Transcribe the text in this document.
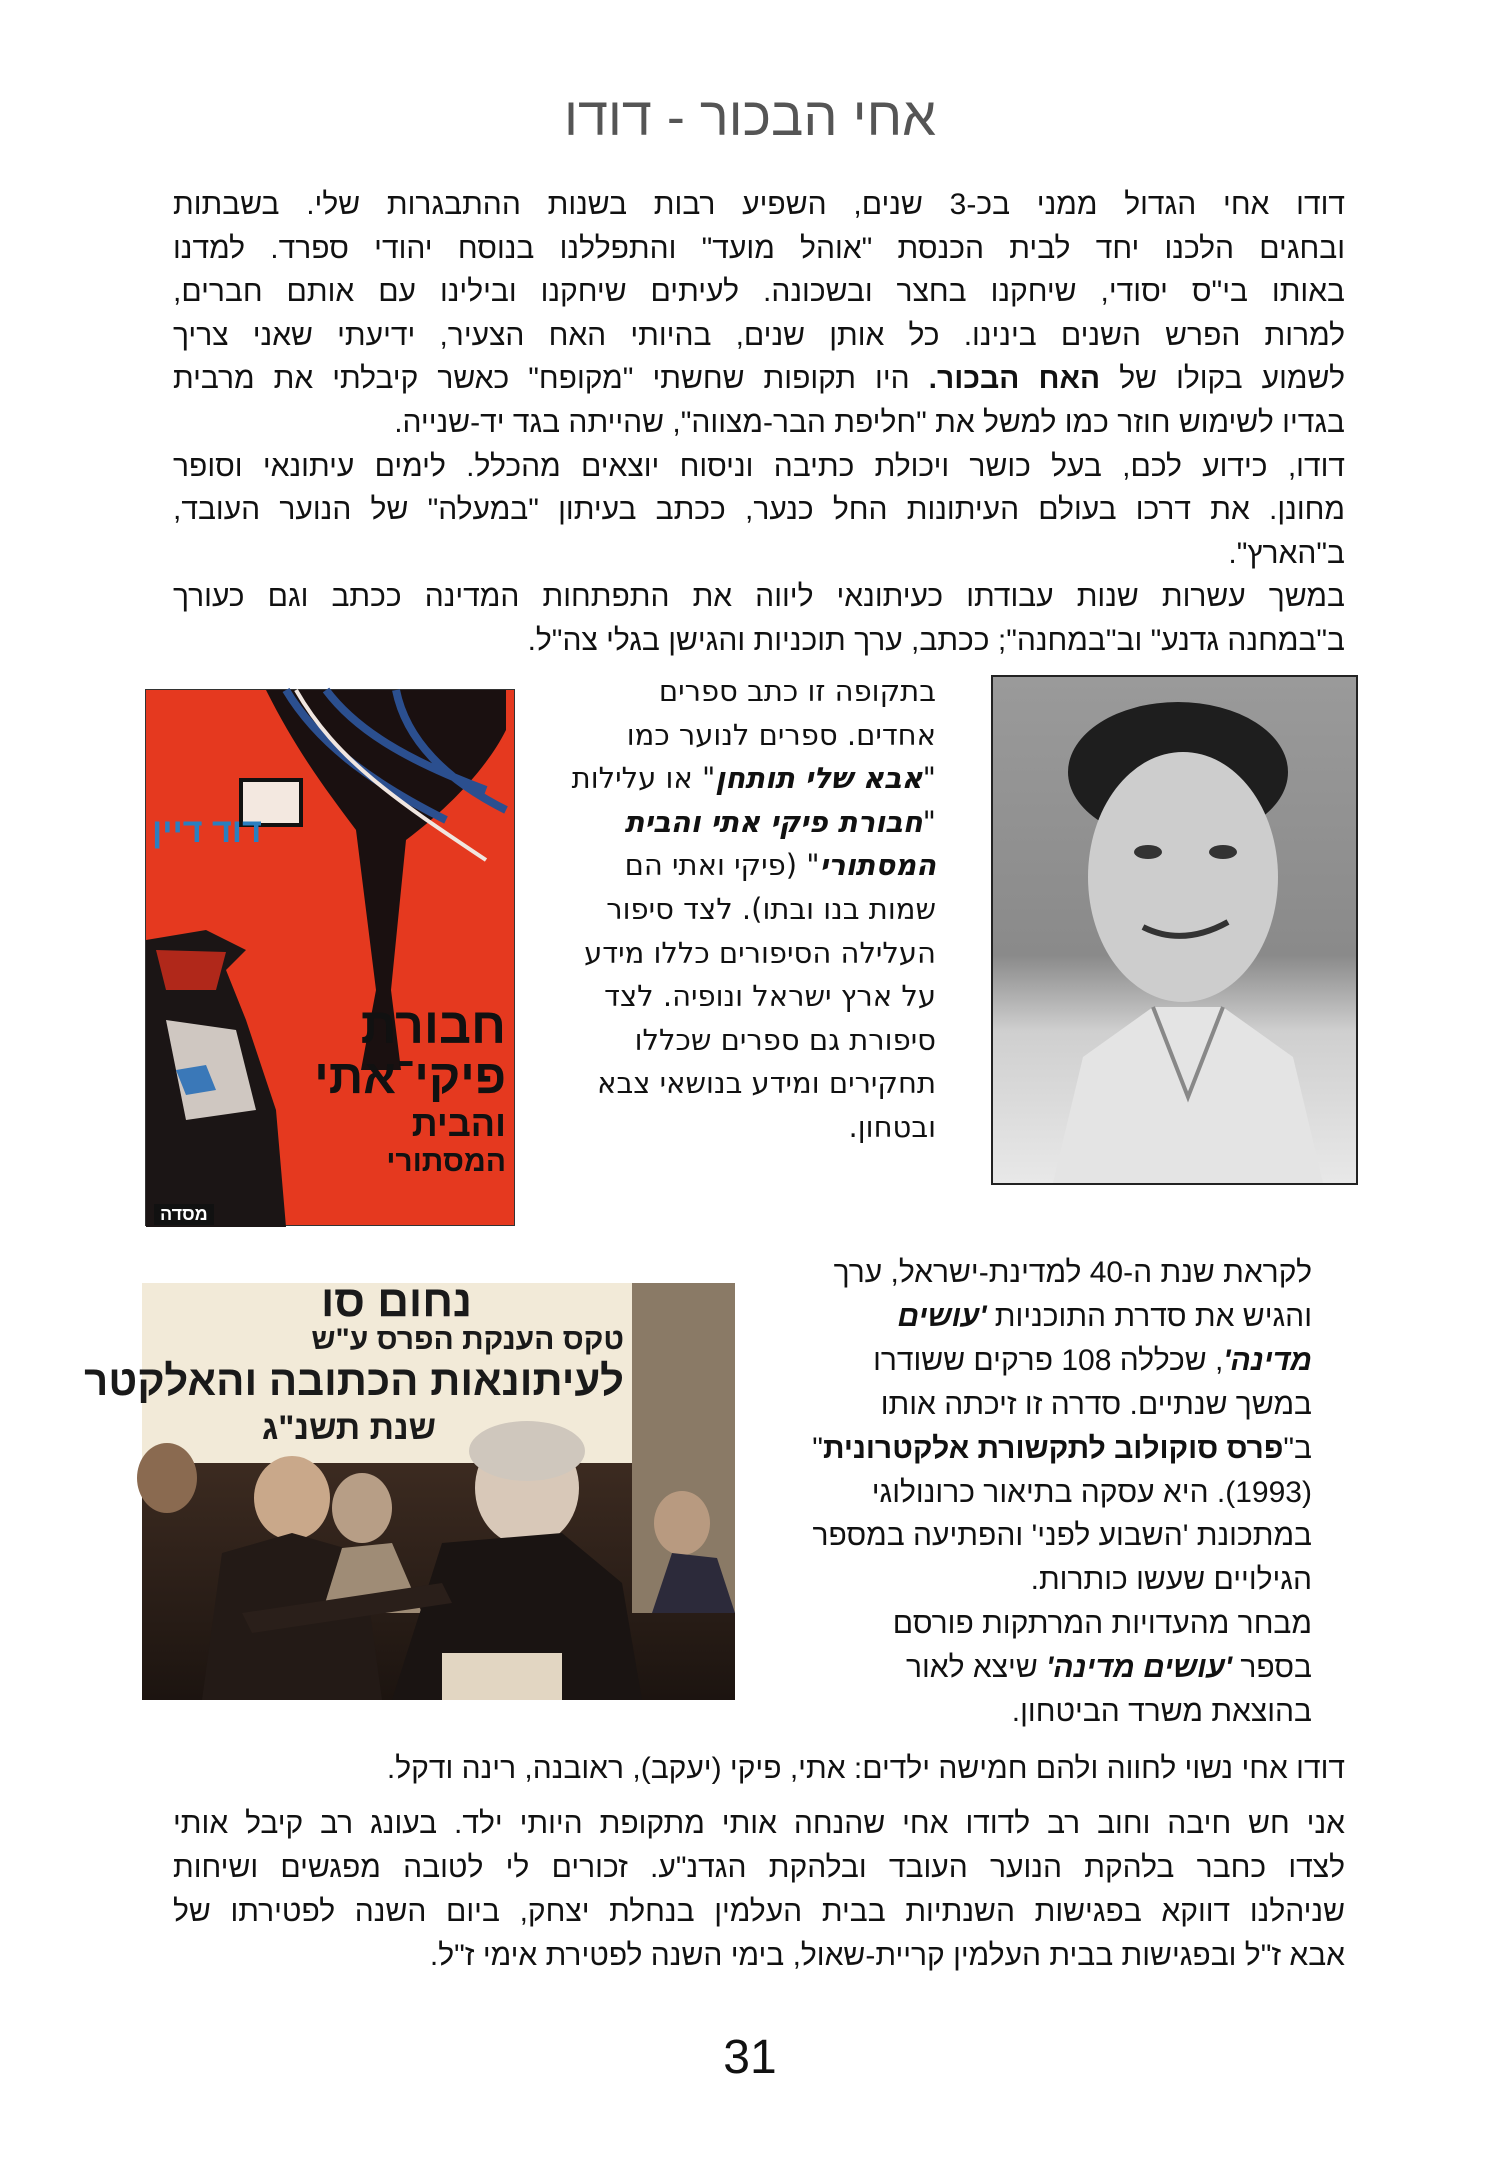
אחי הבכור - דודו
דודו אחי הגדול ממני בכ-3 שנים, השפיע רבות בשנות ההתבגרות שלי. בשבתות
ובחגים הלכנו יחד לבית הכנסת "אוהל מועד" והתפללנו בנוסח יהודי ספרד. למדנו
באותו בי"ס יסודי, שיחקנו בחצר ובשכונה. לעיתים שיחקנו ובילינו עם אותם חברים,
למרות הפרש השנים בינינו. כל אותן שנים, בהיותי האח הצעיר, ידיעתי שאני צריך
לשמוע בקולו של האח הבכור. היו תקופות שחשתי "מקופח" כאשר קיבלתי את מרבית
בגדיו לשימוש חוזר כמו למשל את "חליפת הבר-מצווה", שהייתה בגד יד-שנייה.
דודו, כידוע לכם, בעל כושר ויכולת כתיבה וניסוח יוצאים מהכלל. לימים עיתונאי וסופר
מחונן. את דרכו בעולם העיתונות החל כנער, ככתב בעיתון "במעלה" של הנוער העובד,
ב"הארץ".
במשך עשרות שנות עבודתו כעיתונאי ליווה את התפתחות המדינה ככתב וגם כעורך
ב"במחנה גדנע" וב"במחנה"; ככתב, ערך תוכניות והגישן בגלי צה"ל.
דוד דיין
חבורת
פיקי־אתי
והבית
המסתורי
מסדה
בתקופה זו כתב ספרים
אחדים. ספרים לנוער כמו
"אבא שלי תותחן" או עלילות
"חבורת פיקי אתי והבית
המסתורי" (פיקי ואתי הם
שמות בנו ובתו). לצד סיפור
העלילה הסיפורים כללו מידע
על ארץ ישראל ונופיה. לצד
סיפורת גם ספרים שכללו
תחקירים ומידע בנושאי צבא
ובטחון.
נחום סו
טקס הענקת הפרס ע"ש
לעיתונאות הכתובה והאלקטר
שנת תשנ"ג
לקראת שנת ה-40 למדינת-ישראל, ערך
והגיש את סדרת התוכניות 'עושים
מדינה', שכללה 108 פרקים ששודרו
במשך שנתיים. סדרה זו זיכתה אותו
ב"פרס סוקולוב לתקשורת אלקטרונית"
(1993). היא עסקה בתיאור כרונולוגי
במתכונת 'השבוע לפני' והפתיעה במספר
הגילויים שעשו כותרות.
מבחר מהעדויות המרתקות פורסם
בספר 'עושים מדינה' שיצא לאור
בהוצאת משרד הביטחון.
דודו אחי נשוי לחווה ולהם חמישה ילדים: אתי, פיקי (יעקב), ראובנה, רינה ודקל.
אני חש חיבה וחוב רב לדודו אחי שהנחה אותי מתקופת היותי ילד. בעונג רב קיבל אותי
לצדו כחבר בלהקת הנוער העובד ובלהקת הגדנ"ע. זכורים לי לטובה מפגשים ושיחות
שניהלנו דווקא בפגישות השנתיות בבית העלמין בנחלת יצחק, ביום השנה לפטירתו של
אבא ז"ל ובפגישות בבית העלמין קריית-שאול, בימי השנה לפטירת אימי ז"ל.
31
